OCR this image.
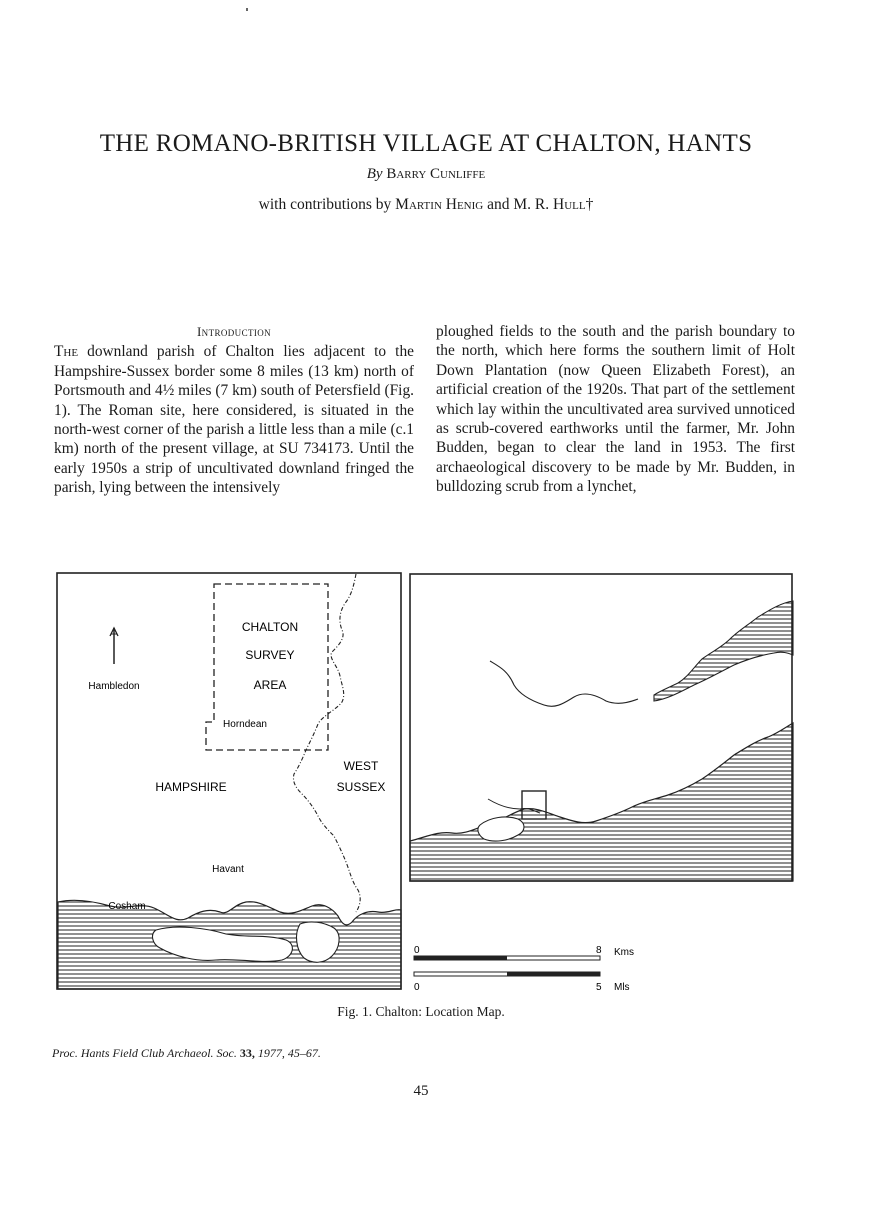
THE ROMANO-BRITISH VILLAGE AT CHALTON, HANTS
By Barry Cunliffe
with contributions by Martin Henig and M. R. Hull†
Introduction

The downland parish of Chalton lies adjacent to the Hampshire-Sussex border some 8 miles (13 km) north of Portsmouth and 4½ miles (7 km) south of Petersfield (Fig. 1). The Roman site, here considered, is situated in the north-west corner of the parish a little less than a mile (c.1 km) north of the present village, at SU 734173. Until the early 1950s a strip of uncultivated downland fringed the parish, lying between the intensively

ploughed fields to the south and the parish boundary to the north, which here forms the southern limit of Holt Down Plantation (now Queen Elizabeth Forest), an artificial creation of the 1920s. That part of the settlement which lay within the uncultivated area survived unnoticed as scrub-covered earthworks until the farmer, Mr. John Budden, began to clear the land in 1953. The first archaeological discovery to be made by Mr. Budden, in bulldozing scrub from a lynchet,

CHALTON
SURVEY
AREA
Hambledon
Horndean
HAMPSHIRE
WEST
SUSSEX
Havant
Cosham
0	8 Kms
0	5 Mls
Fig. 1. Chalton: Location Map.
Proc. Hants Field Club Archaeol. Soc. 33, 1977, 45–67.
45
